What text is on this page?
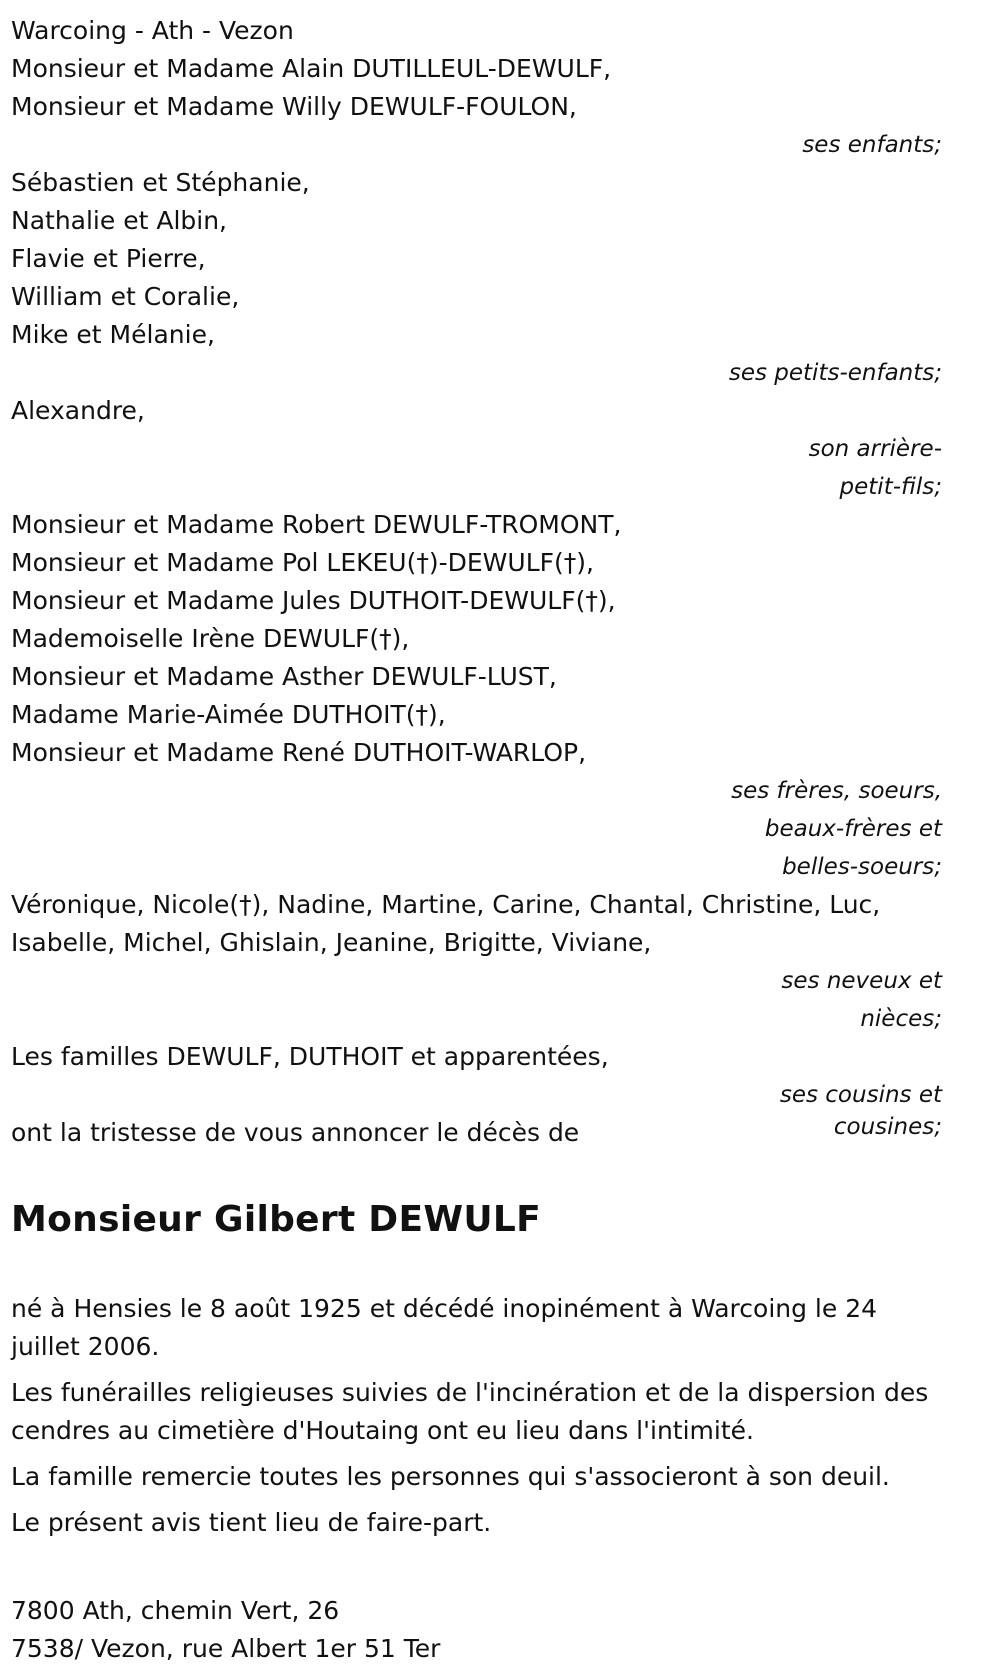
Warcoing - Ath - Vezon
Monsieur et Madame Alain DUTILLEUL-DEWULF,
Monsieur et Madame Willy DEWULF-FOULON,
ses enfants;
Sébastien et Stéphanie,
Nathalie et Albin,
Flavie et Pierre,
William et Coralie,
Mike et Mélanie,
ses petits-enfants;
Alexandre,
son arrière-
petit-fils;
Monsieur et Madame Robert DEWULF-TROMONT,
Monsieur et Madame Pol LEKEU(†)-DEWULF(†),
Monsieur et Madame Jules DUTHOIT-DEWULF(†),
Mademoiselle Irène DEWULF(†),
Monsieur et Madame Asther DEWULF-LUST,
Madame Marie-Aimée DUTHOIT(†),
Monsieur et Madame René DUTHOIT-WARLOP,
ses frères, soeurs,
beaux-frères et
belles-soeurs;
Véronique, Nicole(†), Nadine, Martine, Carine, Chantal, Christine, Luc,
Isabelle, Michel, Ghislain, Jeanine, Brigitte, Viviane,
ses neveux et
nièces;
Les familles DEWULF, DUTHOIT et apparentées,
ses cousins et
ont la tristesse de vous annoncer le décès de	cousines;
Monsieur Gilbert DEWULF
né à Hensies le 8 août 1925 et décédé inopinément à Warcoing le 24 juillet 2006.
Les funérailles religieuses suivies de l'incinération et de la dispersion des cendres au cimetière d'Houtaing ont eu lieu dans l'intimité.
La famille remercie toutes les personnes qui s'associeront à son deuil.
Le présent avis tient lieu de faire-part.
7800 Ath, chemin Vert, 26
7538/ Vezon, rue Albert 1er 51 Ter
